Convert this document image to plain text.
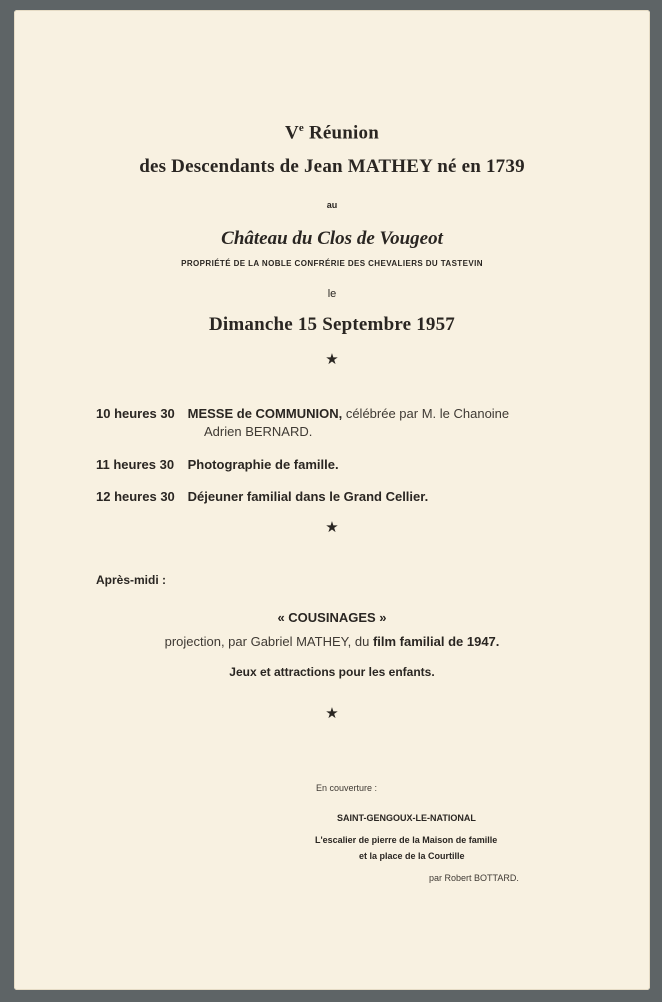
Ve Réunion
des Descendants de Jean MATHEY né en 1739
au
Château du Clos de Vougeot
PROPRIÉTÉ DE LA NOBLE CONFRÉRIE DES CHEVALIERS DU TASTEVIN
le
Dimanche 15 Septembre 1957
★
10 heures 30 MESSE de COMMUNION, célébrée par M. le Chanoine
Adrien BERNARD.
11 heures 30 Photographie de famille.
12 heures 30 Déjeuner familial dans le Grand Cellier.
★
Après-midi :
« COUSINAGES »
projection, par Gabriel MATHEY, du film familial de 1947.
Jeux et attractions pour les enfants.
★
En couverture :
SAINT-GENGOUX-LE-NATIONAL
L'escalier de pierre de la Maison de famille
et la place de la Courtille
par Robert BOTTARD.
